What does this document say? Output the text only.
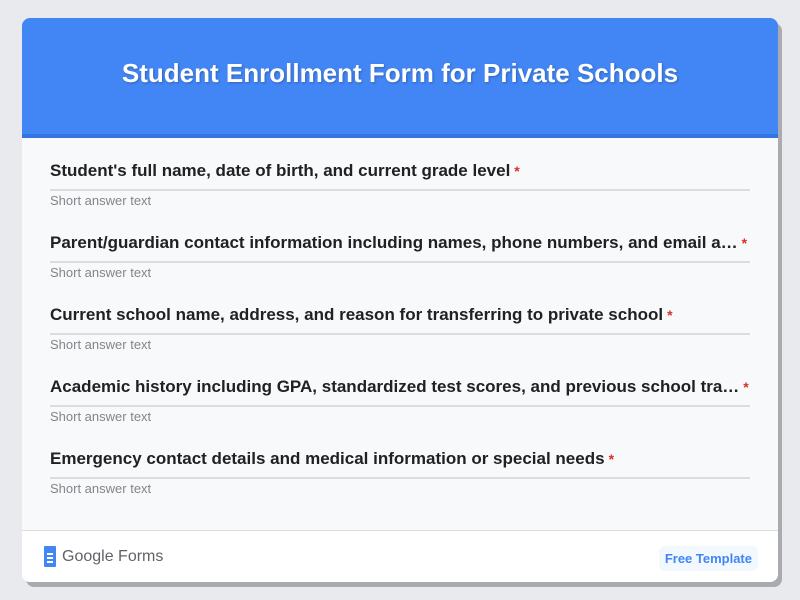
Student Enrollment Form for Private Schools
Student's full name, date of birth, and current grade level *
Short answer text
Parent/guardian contact information including names, phone numbers, and email a… *
Short answer text
Current school name, address, and reason for transferring to private school *
Short answer text
Academic history including GPA, standardized test scores, and previous school tra… *
Short answer text
Emergency contact details and medical information or special needs *
Short answer text
Google Forms	Free Template
